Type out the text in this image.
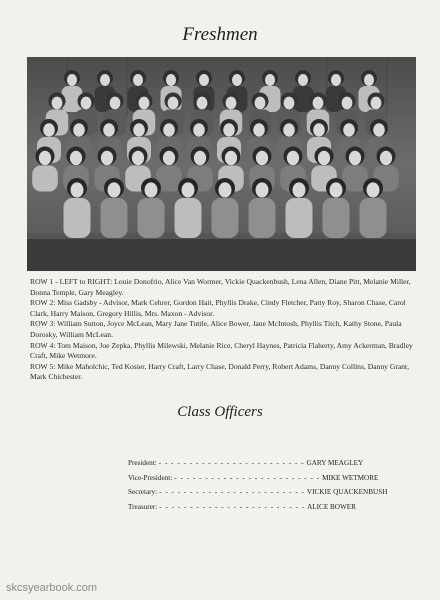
Freshmen

ROW 1 - LEFT to RIGHT: Louie Donofrio, Alice Van Wormer, Vickie Quackenbush, Lena Allen, Diane Pitt, Melanie Miller, Donna Temple, Gary Meagley.

ROW 2: Miss Gadsby - Advisor, Mark Cehrer, Gordon Hait, Phyllis Drake, Cindy Fletcher, Patty Roy, Sharon Chase, Carol Clark, Harry Maison, Gregory Hillis, Mrs. Maxon - Advisor.

ROW 3: William Sutton, Joyce McLean, Mary Jane Tuttle, Alice Bower, Jane McIntosh, Phyllis Titch, Kathy Stone, Paula Dorosky, William McLean.

ROW 4: Tom Maison, Joe Zepka, Phyllis Milewski, Melanie Rice, Cheryl Haynes, Patricia Flaherty, Amy Ackerman, Bradley Craft, Mike Wetmore.

ROW 5: Mike Maholchic, Ted Kosier, Harry Craft, Larry Chase, Donald Perry, Robert Adams, Danny Collins, Danny Grant, Mark Chichester.

Class Officers
President: - - - - - - - - - - - - - - - - - - - - - - - - GARY MEAGLEY
Vice-President: - - - - - - - - - - - - - - - - - - - - - - - - MIKE WETMORE
Secretary: - - - - - - - - - - - - - - - - - - - - - - - - VICKIE QUACKENBUSH
Treasurer: - - - - - - - - - - - - - - - - - - - - - - - - ALICE BOWER
skcsyearbook.com
